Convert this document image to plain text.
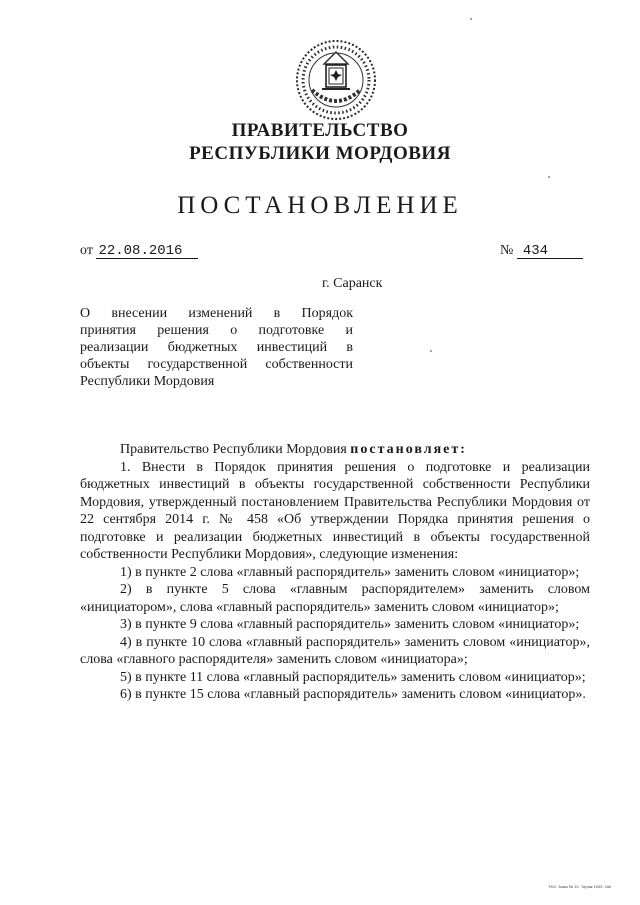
ПРАВИТЕЛЬСТВО
РЕСПУБЛИКИ МОРДОВИЯ
ПОСТАНОВЛЕНИЕ
от 22.08.2016	№ 434
г. Саранск
О внесении изменений в Порядок
принятия решения о подготовке и
реализации бюджетных инвестиций в
объекты государственной собственности
Республики Мордовия

Правительство Республики Мордовия постановляет:

1. Внести в Порядок принятия решения о подготовке и реализации бюджетных инвестиций в объекты государственной собственности Республики Мордовия, утвержденный постановлением Правительства Республики Мордовия от 22 сентября 2014 г. № 458 «Об утверждении Порядка принятия решения о подготовке и реализации бюджетных инвестиций в объекты государственной собственности Республики Мордовия», следующие изменения:

1) в пункте 2 слова «главный распорядитель» заменить словом «инициатор»;

2) в пункте 5 слова «главным распорядителем» заменить словом «инициатором», слова «главный распорядитель» заменить словом «инициатор»;

3) в пункте 9 слова «главный распорядитель» заменить словом «инициатор»;

4) в пункте 10 слова «главный распорядитель» заменить словом «инициатор», слова «главного распорядителя» заменить словом «инициатора»;

5) в пункте 11 слова «главный распорядитель» заменить словом «инициатор»;

6) в пункте 15 слова «главный распорядитель» заменить словом «инициатор».

ТКО. Зама № 12. Тираж 1000. 16п
